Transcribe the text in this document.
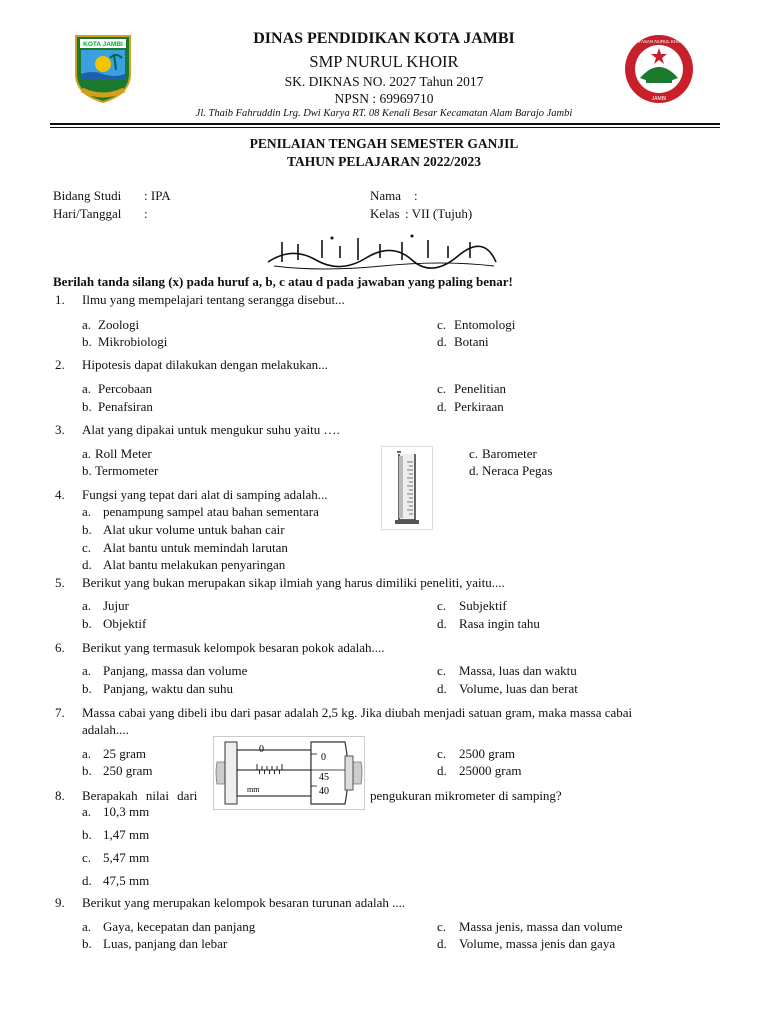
KOTA JAMBI
JAMBI
YAYASAN NURUL KHOIR
DINAS PENDIDIKAN KOTA JAMBI
SMP NURUL KHOIR
SK. DIKNAS NO. 2027 Tahun 2017
NPSN : 69969710
Jl. Thaib Fahruddin Lrg. Dwi Karya RT. 08 Kenali Besar Kecamatan Alam Barajo Jambi
PENILAIAN TENGAH SEMESTER GANJIL
TAHUN PELAJARAN 2022/2023
Bidang Studi : IPA
Hari/Tanggal :
Nama :
Kelas : VII (Tujuh)
Berilah tanda silang (x) pada huruf a, b, c atau d pada jawaban yang paling benar!
1. Ilmu yang mempelajari tentang serangga disebut...
a. Zoologi
b. Mikrobiologi
c. Entomologi
d. Botani
2. Hipotesis dapat dilakukan dengan melakukan...
a. Percobaan
b. Penafsiran
c. Penelitian
d. Perkiraan
3. Alat yang dipakai untuk mengukur suhu yaitu ….
a. Roll Meter
b. Termometer
c. Barometer
d. Neraca Pegas
4. Fungsi yang tepat dari alat di samping adalah...
a. penampung sampel atau bahan sementara
b. Alat ukur volume untuk bahan cair
c. Alat bantu untuk memindah larutan
d. Alat bantu melakukan penyaringan
5. Berikut yang bukan merupakan sikap ilmiah yang harus dimiliki peneliti, yaitu....
a. Jujur
b. Objektif
c. Subjektif
d. Rasa ingin tahu
6. Berikut yang termasuk kelompok besaran pokok adalah....
a. Panjang, massa dan volume
b. Panjang, waktu dan suhu
c. Massa, luas dan waktu
d. Volume, luas dan berat
7. Massa cabai yang dibeli ibu dari pasar adalah 2,5 kg. Jika diubah menjadi satuan gram, maka massa cabai
adalah....
a. 25 gram
b. 250 gram
c. 2500 gram
d. 25000 gram
0
0
45
40
mm
8. Berapakah nilai dari	pengukuran mikrometer di samping?
a. 10,3 mm
b. 1,47 mm
c. 5,47 mm
d. 47,5 mm
9. Berikut yang merupakan kelompok besaran turunan adalah ....
a. Gaya, kecepatan dan panjang
b. Luas, panjang dan lebar
c. Massa jenis, massa dan volume
d. Volume, massa jenis dan gaya
